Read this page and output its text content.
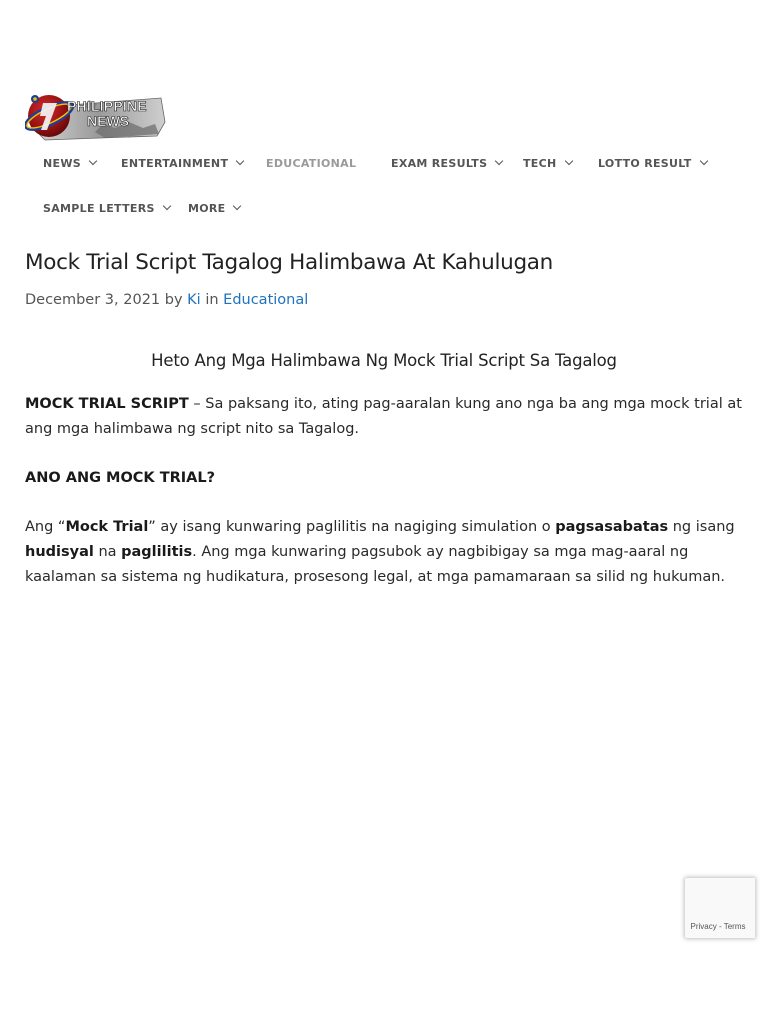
PHILIPPINE
NEWS
NEWS	ENTERTAINMENT	EDUCATIONAL	EXAM RESULTS	TECH	LOTTO RESULT
SAMPLE LETTERS	MORE
Mock Trial Script Tagalog Halimbawa At Kahulugan
December 3, 2021 by Ki in Educational
Heto Ang Mga Halimbawa Ng Mock Trial Script Sa Tagalog

MOCK TRIAL SCRIPT – Sa paksang ito, ating pag-aaralan kung ano nga ba ang mga mock trial at ang mga halimbawa ng script nito sa Tagalog.

ANO ANG MOCK TRIAL?

Ang “Mock Trial” ay isang kunwaring paglilitis na nagiging simulation o pagsasabatas ng isang hudisyal na paglilitis. Ang mga kunwaring pagsubok ay nagbibigay sa mga mag-aaral ng kaalaman sa sistema ng hudikatura, prosesong legal, at mga pamamaraan sa silid ng hukuman.

Privacy - Terms
